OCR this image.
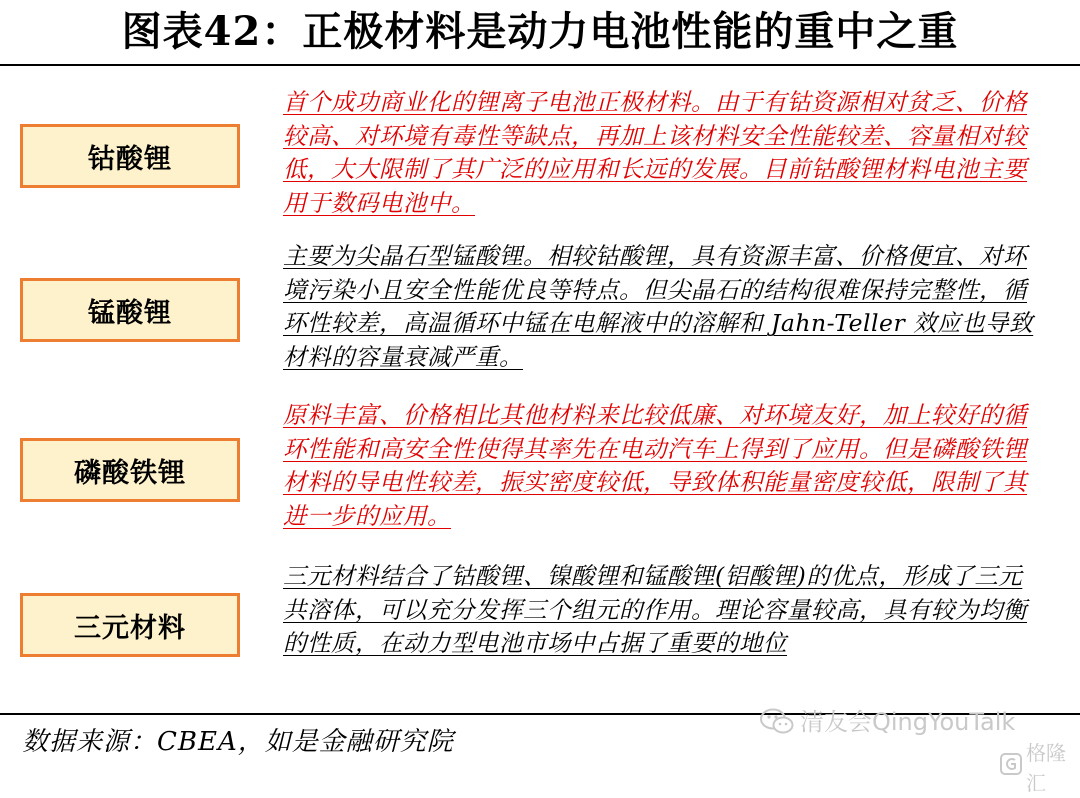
图表42：正极材料是动力电池性能的重中之重
钴酸锂

首个成功商业化的锂离子电池正极材料。由于有钴资源相对贫乏、价格较高、对环境有毒性等缺点，再加上该材料安全性能较差、容量相对较低，大大限制了其广泛的应用和长远的发展。目前钴酸锂材料电池主要用于数码电池中。

锰酸锂

主要为尖晶石型锰酸锂。相较钴酸锂，具有资源丰富、价格便宜、对环境污染小且安全性能优良等特点。但尖晶石的结构很难保持完整性，循环性较差，高温循环中锰在电解液中的溶解和 Jahn-Teller 效应也导致材料的容量衰减严重。

磷酸铁锂

原料丰富、价格相比其他材料来比较低廉、对环境友好，加上较好的循环性能和高安全性使得其率先在电动汽车上得到了应用。但是磷酸铁锂材料的导电性较差，振实密度较低，导致体积能量密度较低，限制了其进一步的应用。

三元材料

三元材料结合了钴酸锂、镍酸锂和锰酸锂(铝酸锂)的优点，形成了三元共溶体，可以充分发挥三个组元的作用。理论容量较高，具有较为均衡的性质，在动力型电池市场中占据了重要的地位

数据来源：CBEA，如是金融研究院
清友会QingYouTalk
格隆汇
